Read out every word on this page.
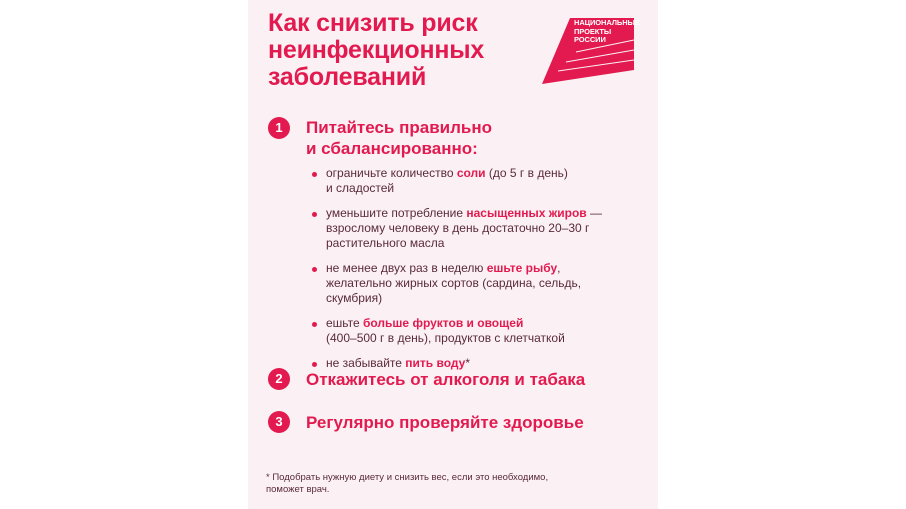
Как снизить риск
неинфекционных
заболеваний
НАЦИОНАЛЬНЫЕ
ПРОЕКТЫ
РОССИИ
1	Питайтесь правильно
и сбалансированно:
ограничьте количество соли (до 5 г в день)
и сладостей
уменьшите потребление насыщенных жиров —
взрослому человеку в день достаточно 20–30 г
растительного масла
не менее двух раз в неделю ешьте рыбу,
желательно жирных сортов (сардина, сельдь,
скумбрия)
ешьте больше фруктов и овощей
(400–500 г в день), продуктов с клетчаткой
не забывайте пить воду*
2	Откажитесь от алкоголя и табака
3	Регулярно проверяйте здоровье
* Подобрать нужную диету и снизить вес, если это необходимо,
поможет врач.
